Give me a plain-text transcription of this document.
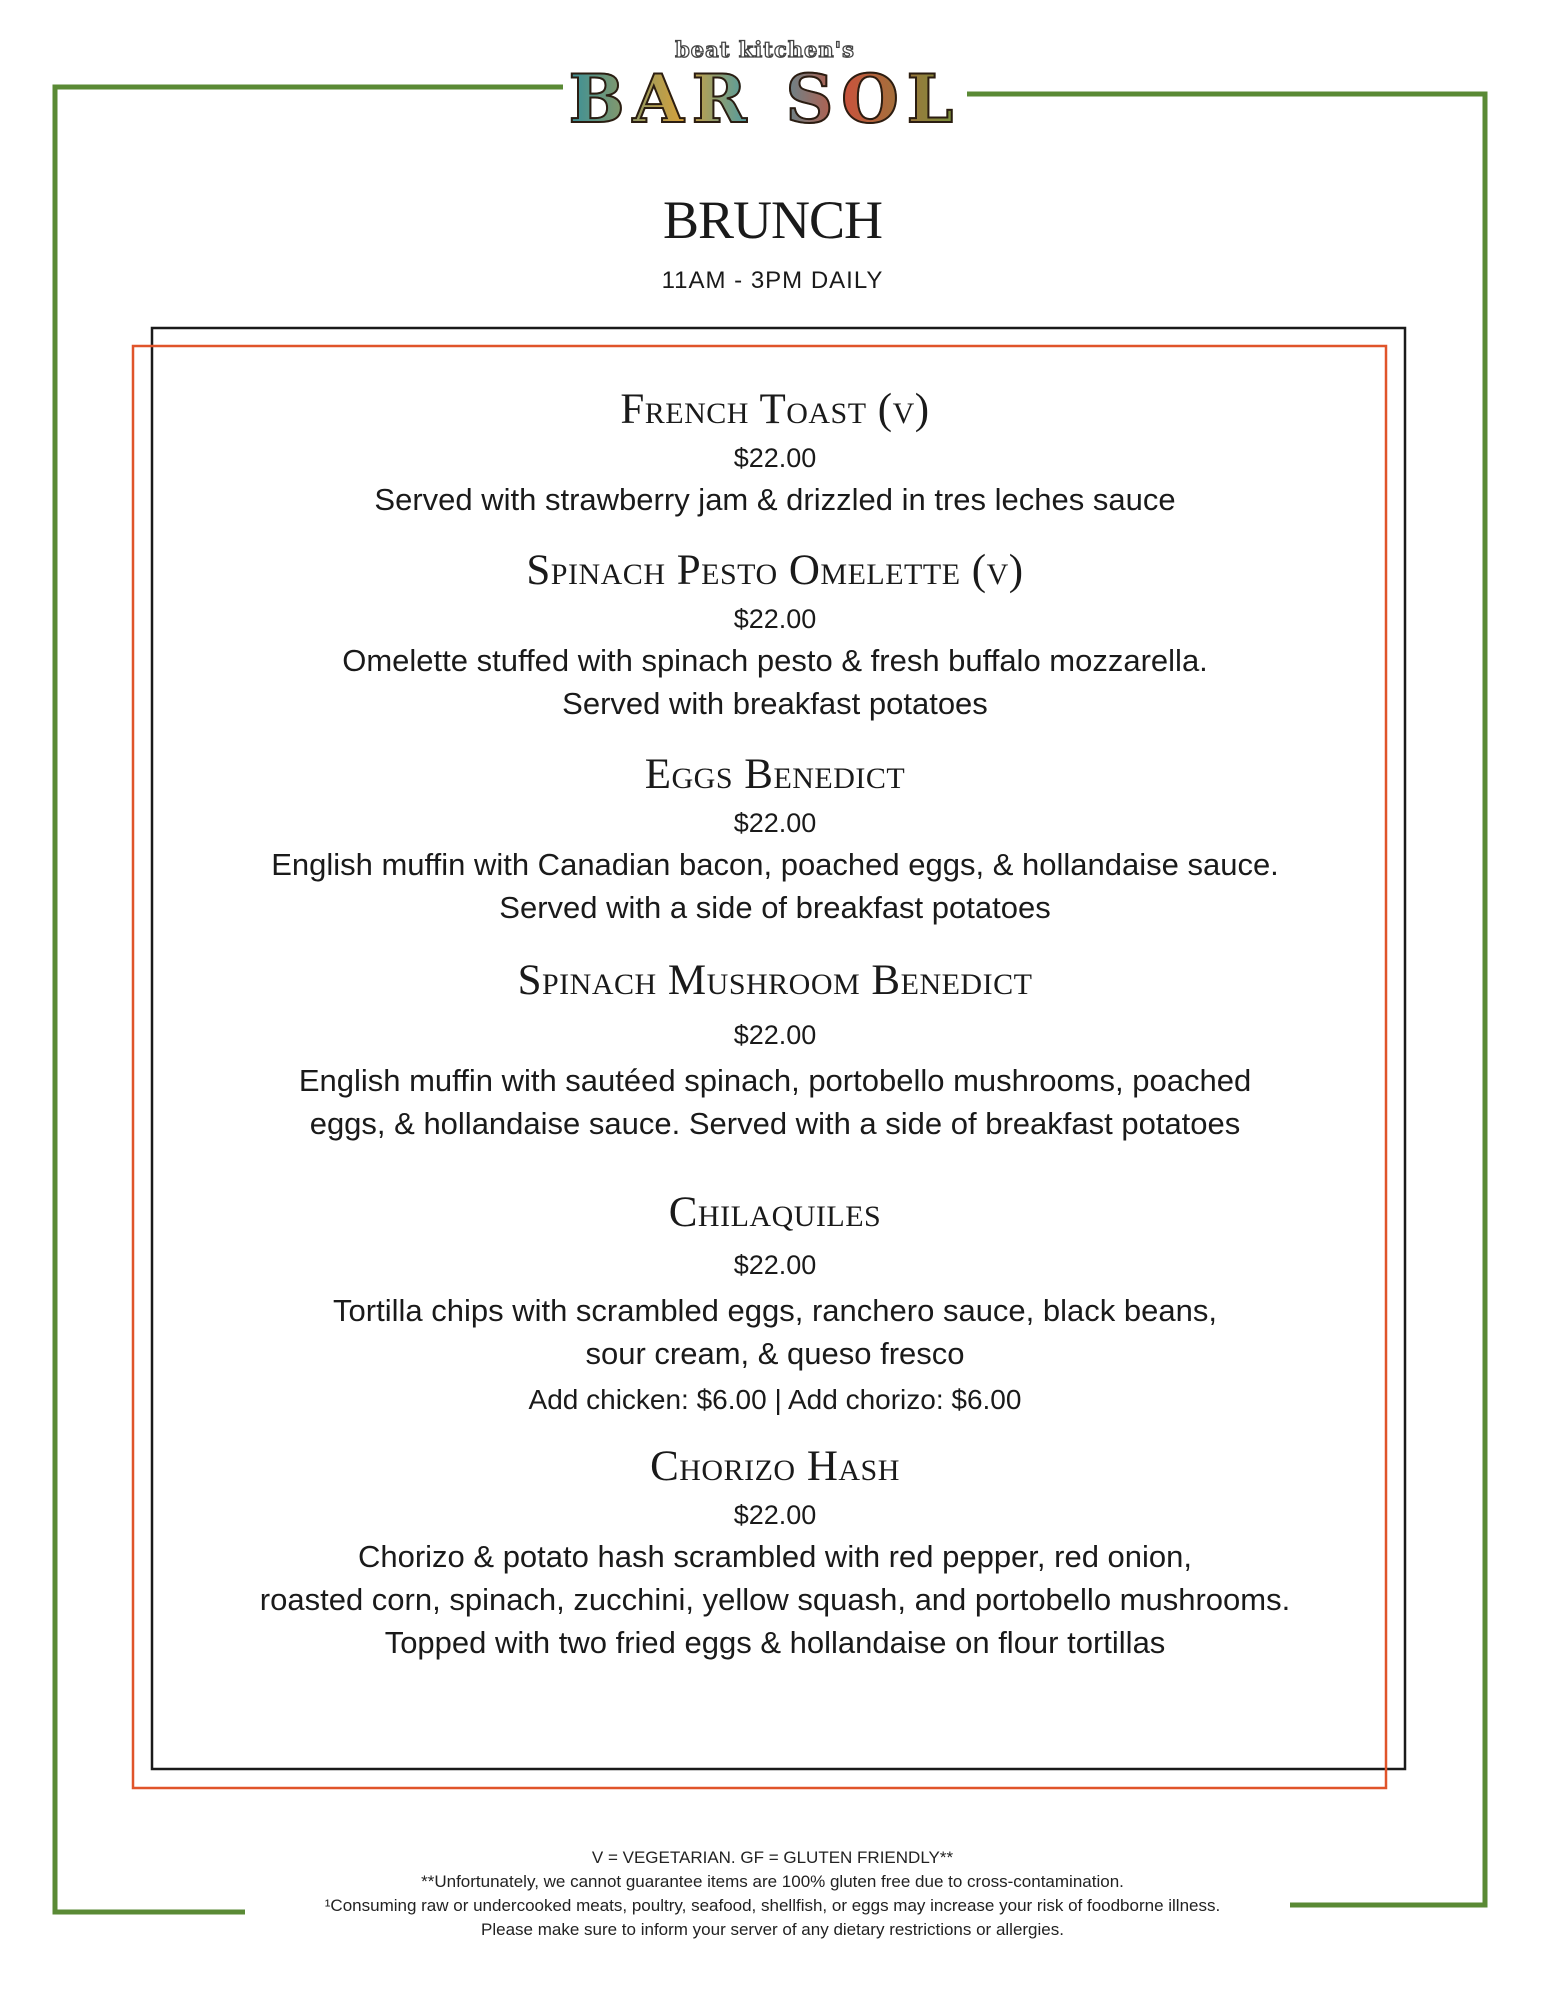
beat kitchen's
BAR SOL
BRUNCH
11AM - 3PM DAILY
French Toast (v)
$22.00
Served with strawberry jam & drizzled in tres leches sauce
Spinach Pesto Omelette (v)
$22.00
Omelette stuffed with spinach pesto & fresh buffalo mozzarella.
Served with breakfast potatoes
Eggs Benedict
$22.00
English muffin with Canadian bacon, poached eggs, & hollandaise sauce.
Served with a side of breakfast potatoes
Spinach Mushroom Benedict
$22.00
English muffin with sautéed spinach, portobello mushrooms, poached
eggs, & hollandaise sauce. Served with a side of breakfast potatoes
Chilaquiles
$22.00
Tortilla chips with scrambled eggs, ranchero sauce, black beans,
sour cream, & queso fresco
Add chicken: $6.00 | Add chorizo: $6.00
Chorizo Hash
$22.00
Chorizo & potato hash scrambled with red pepper, red onion,
roasted corn, spinach, zucchini, yellow squash, and portobello mushrooms.
Topped with two fried eggs & hollandaise on flour tortillas
V = VEGETARIAN. GF = GLUTEN FRIENDLY**
**Unfortunately, we cannot guarantee items are 100% gluten free due to cross-contamination.
¹Consuming raw or undercooked meats, poultry, seafood, shellfish, or eggs may increase your risk of foodborne illness.
Please make sure to inform your server of any dietary restrictions or allergies.
